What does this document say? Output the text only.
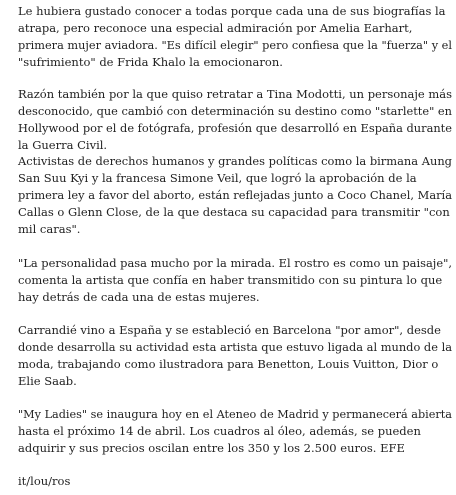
Le hubiera gustado conocer a todas porque cada una de sus biografías la
atrapa, pero reconoce una especial admiración por Amelia Earhart,
primera mujer aviadora. "Es difícil elegir" pero confiesa que la "fuerza" y el
"sufrimiento" de Frida Khalo la emocionaron.

Razón también por la que quiso retratar a Tina Modotti, un personaje más
desconocido, que cambió con determinación su destino como "starlette" en
Hollywood por el de fotógrafa, profesión que desarrolló en España durante
la Guerra Civil.

Activistas de derechos humanos y grandes políticas como la birmana Aung
San Suu Kyi y la francesa Simone Veil, que logró la aprobación de la
primera ley a favor del aborto, están reflejadas junto a Coco Chanel, María
Callas o Glenn Close, de la que destaca su capacidad para transmitir "con
mil caras".

"La personalidad pasa mucho por la mirada. El rostro es como un paisaje",
comenta la artista que confía en haber transmitido con su pintura lo que
hay detrás de cada una de estas mujeres.

Carrandié vino a España y se estableció en Barcelona "por amor", desde
donde desarrolla su actividad esta artista que estuvo ligada al mundo de la
moda, trabajando como ilustradora para Benetton, Louis Vuitton, Dior o
Elie Saab.

"My Ladies" se inaugura hoy en el Ateneo de Madrid y permanecerá abierta
hasta el próximo 14 de abril. Los cuadros al óleo, además, se pueden
adquirir y sus precios oscilan entre los 350 y los 2.500 euros. EFE

it/lou/ros
